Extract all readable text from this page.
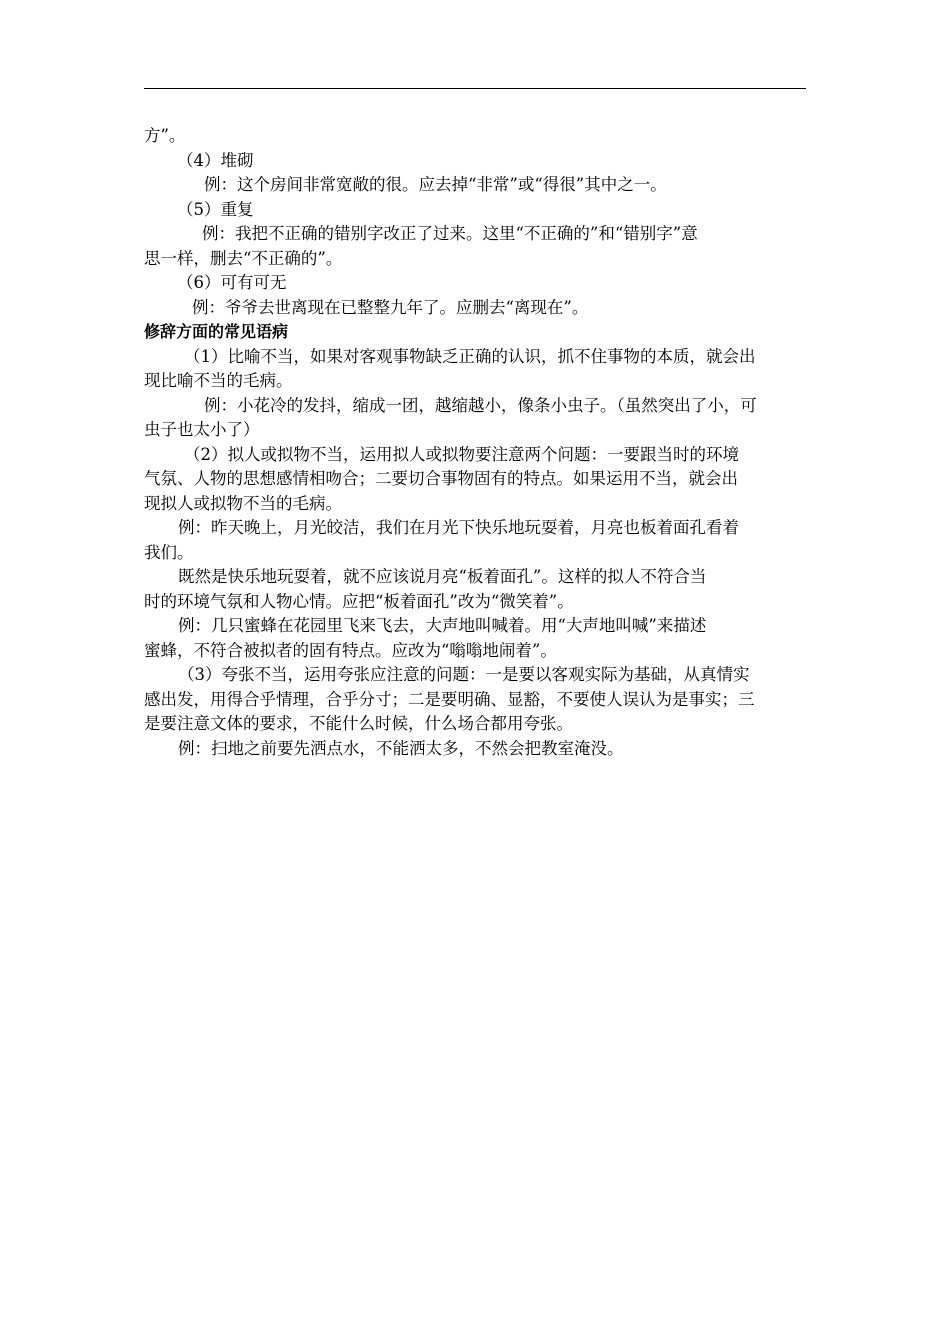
方”。

（4）堆砌

例：这个房间非常宽敞的很。应去掉“非常”或“得很”其中之一。

（5）重复

例：我把不正确的错别字改正了过来。这里“不正确的”和“错别字”意

思一样，删去“不正确的”。

（6）可有可无

例：爷爷去世离现在已整整九年了。应删去“离现在”。

修辞方面的常见语病

（1）比喻不当，如果对客观事物缺乏正确的认识，抓不住事物的本质，就会出

现比喻不当的毛病。

例：小花冷的发抖，缩成一团，越缩越小，像条小虫子。（虽然突出了小，可

虫子也太小了）

（2）拟人或拟物不当，运用拟人或拟物要注意两个问题：一要跟当时的环境

气氛、人物的思想感情相吻合；二要切合事物固有的特点。如果运用不当，就会出

现拟人或拟物不当的毛病。

例：昨天晚上，月光皎洁，我们在月光下快乐地玩耍着，月亮也板着面孔看着

我们。

既然是快乐地玩耍着，就不应该说月亮“板着面孔”。这样的拟人不符合当

时的环境气氛和人物心情。应把“板着面孔”改为“微笑着”。

例：几只蜜蜂在花园里飞来飞去，大声地叫喊着。用“大声地叫喊”来描述

蜜蜂，不符合被拟者的固有特点。应改为“嗡嗡地闹着”。

（3）夸张不当，运用夸张应注意的问题：一是要以客观实际为基础，从真情实

感出发，用得合乎情理，合乎分寸；二是要明确、显豁，不要使人误认为是事实；三

是要注意文体的要求，不能什么时候，什么场合都用夸张。

例：扫地之前要先洒点水，不能洒太多，不然会把教室淹没。
